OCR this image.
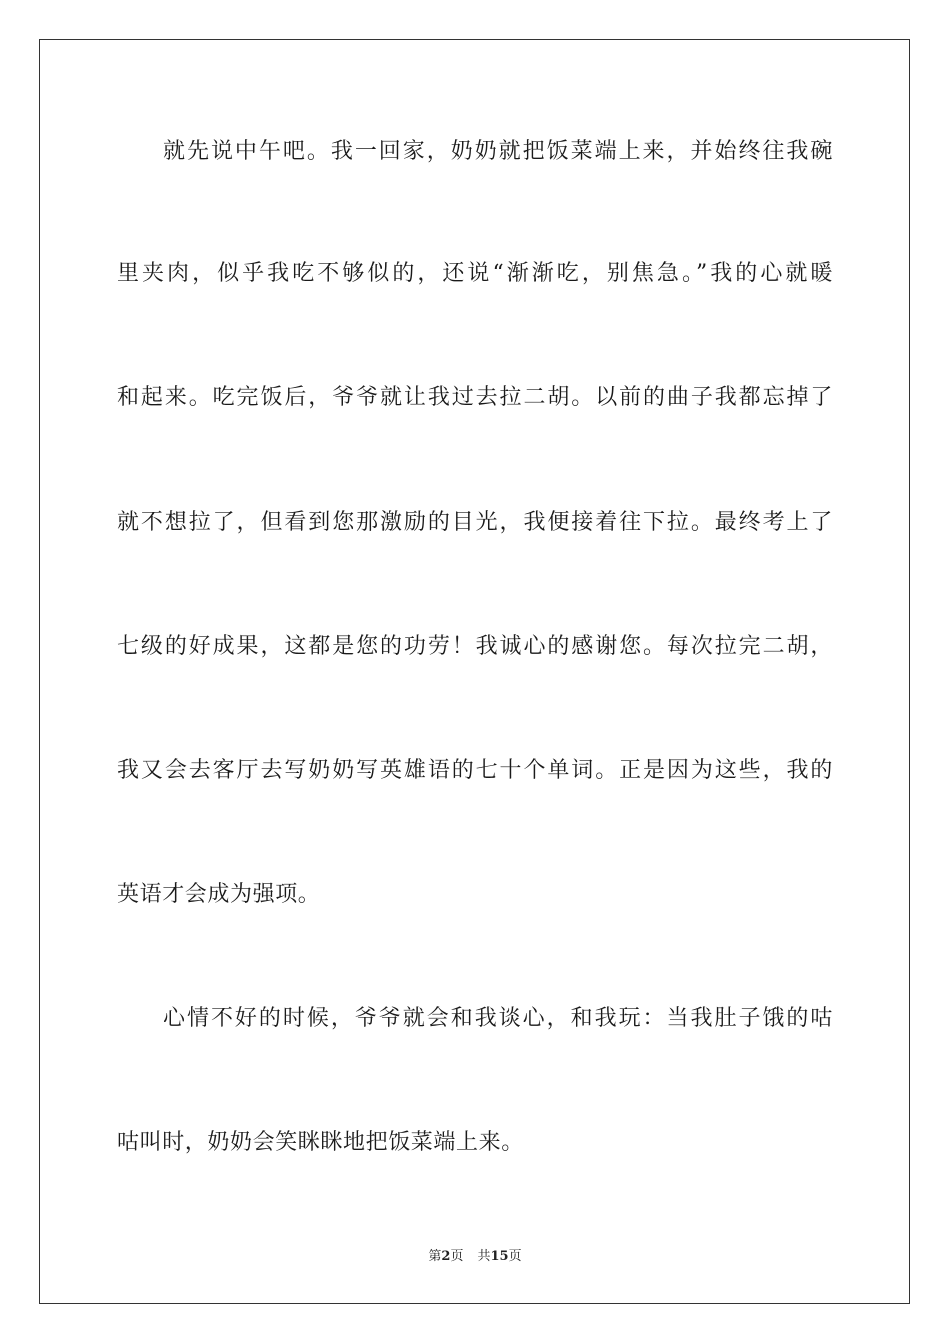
就先说中午吧。我一回家，奶奶就把饭菜端上来，并始终往我碗
里夹肉，似乎我吃不够似的，还说“渐渐吃，别焦急。”我的心就暖
和起来。吃完饭后，爷爷就让我过去拉二胡。以前的曲子我都忘掉了
就不想拉了，但看到您那激励的目光，我便接着往下拉。最终考上了
七级的好成果，这都是您的功劳！我诚心的感谢您。每次拉完二胡，
我又会去客厅去写奶奶写英雄语的七十个单词。正是因为这些，我的
英语才会成为强项。
心情不好的时候，爷爷就会和我谈心，和我玩：当我肚子饿的咕
咕叫时，奶奶会笑眯眯地把饭菜端上来。
第2页 共15页
